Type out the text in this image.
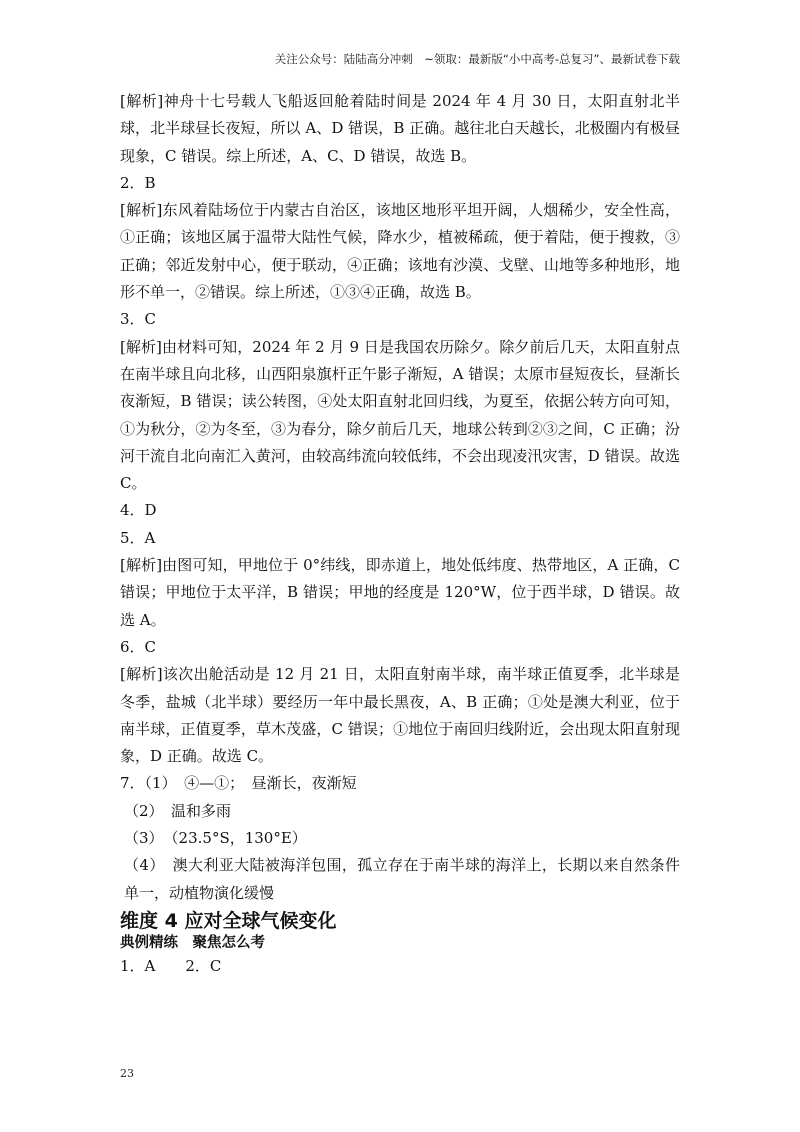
关注公众号：陆陆高分冲刺　~领取：最新版“小中高考-总复习”、最新试卷下载

[解析]神舟十七号载人飞船返回舱着陆时间是 2024 年 4 月 30 日，太阳直射北半球，北半球昼长夜短，所以 A、D 错误，B 正确。越往北白天越长，北极圈内有极昼现象，C 错误。综上所述，A、C、D 错误，故选 B。

2．B

[解析]东风着陆场位于内蒙古自治区，该地区地形平坦开阔，人烟稀少，安全性高，①正确；该地区属于温带大陆性气候，降水少，植被稀疏，便于着陆，便于搜救，③正确；邻近发射中心，便于联动，④正确；该地有沙漠、戈壁、山地等多种地形，地形不单一，②错误。综上所述，①③④正确，故选 B。

3．C

[解析]由材料可知，2024 年 2 月 9 日是我国农历除夕。除夕前后几天，太阳直射点在南半球且向北移，山西阳泉旗杆正午影子渐短，A 错误；太原市昼短夜长，昼渐长夜渐短，B 错误；读公转图，④处太阳直射北回归线，为夏至，依据公转方向可知，①为秋分，②为冬至，③为春分，除夕前后几天，地球公转到②③之间，C 正确；汾河干流自北向南汇入黄河，由较高纬流向较低纬，不会出现凌汛灾害，D 错误。故选 C。

4．D

5．A

[解析]由图可知，甲地位于 0°纬线，即赤道上，地处低纬度、热带地区，A 正确，C 错误；甲地位于太平洋，B 错误；甲地的经度是 120°W，位于西半球，D 错误。故选 A。

6．C

[解析]该次出舱活动是 12 月 21 日，太阳直射南半球，南半球正值夏季，北半球是冬季，盐城（北半球）要经历一年中最长黑夜，A、B 正确；①处是澳大利亚，位于南半球，正值夏季，草木茂盛，C 错误；①地位于南回归线附近，会出现太阳直射现象，D 正确。故选 C。

7．（1）　④—①；　昼渐长，夜渐短

（2）　温和多雨

（3）　（23.5°S，130°E）

（4）　澳大利亚大陆被海洋包围，孤立存在于南半球的海洋上，长期以来自然条件单一，动植物演化缓慢

维度 4 应对全球气候变化
典例精练　聚焦怎么考

1．A　　2．C

23
